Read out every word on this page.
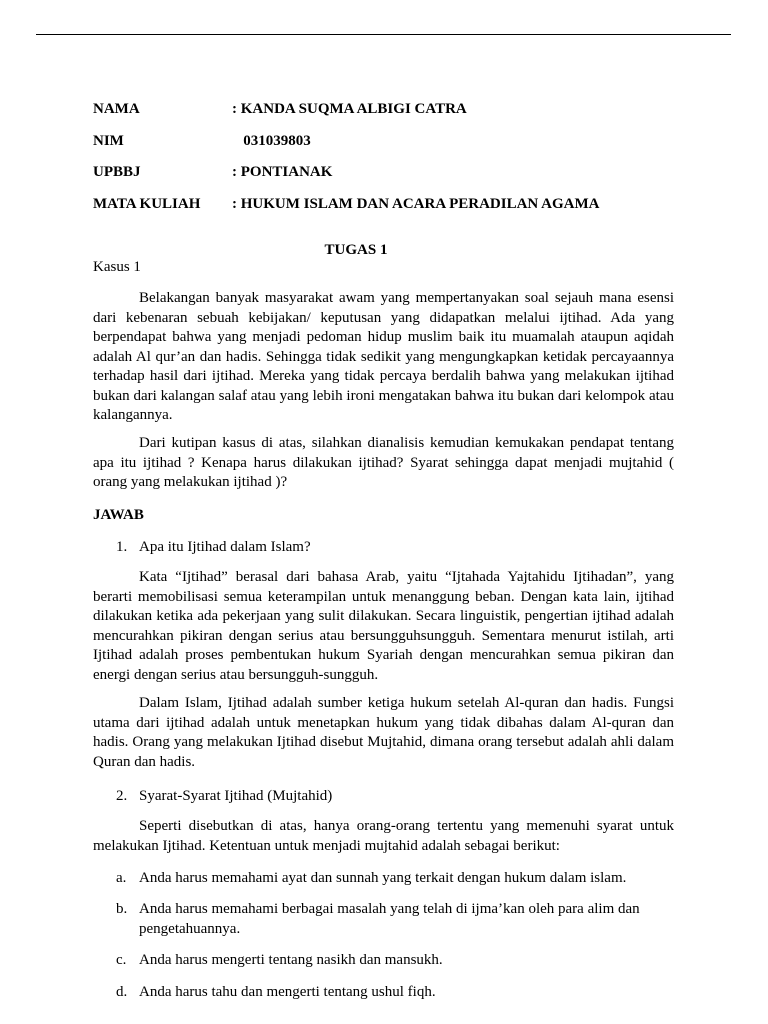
NAMA	: KANDA SUQMA ALBIGI CATRA
NIM	031039803
UPBBJ	: PONTIANAK
MATA KULIAH : HUKUM ISLAM DAN ACARA PERADILAN AGAMA
TUGAS 1
Kasus 1
Belakangan banyak masyarakat awam yang mempertanyakan soal sejauh mana esensi dari kebenaran sebuah kebijakan/ keputusan yang didapatkan melalui ijtihad. Ada yang berpendapat bahwa yang menjadi pedoman hidup muslim baik itu muamalah ataupun aqidah adalah Al qur’an dan hadis. Sehingga tidak sedikit yang mengungkapkan ketidak percayaannya terhadap hasil dari ijtihad. Mereka yang tidak percaya berdalih bahwa yang melakukan ijtihad bukan dari kalangan salaf atau yang lebih ironi mengatakan bahwa itu bukan dari kelompok atau kalangannya.
Dari kutipan kasus di atas, silahkan dianalisis kemudian kemukakan pendapat tentang apa itu ijtihad ? Kenapa harus dilakukan ijtihad? Syarat sehingga dapat menjadi mujtahid ( orang yang melakukan ijtihad )?
JAWAB
1. Apa itu Ijtihad dalam Islam?
Kata “Ijtihad” berasal dari bahasa Arab, yaitu “Ijtahada Yajtahidu Ijtihadan”, yang berarti memobilisasi semua keterampilan untuk menanggung beban. Dengan kata lain, ijtihad dilakukan ketika ada pekerjaan yang sulit dilakukan. Secara linguistik, pengertian ijtihad adalah mencurahkan pikiran dengan serius atau bersungguhsungguh. Sementara menurut istilah, arti Ijtihad adalah proses pembentukan hukum Syariah dengan mencurahkan semua pikiran dan energi dengan serius atau bersungguh-sungguh.
Dalam Islam, Ijtihad adalah sumber ketiga hukum setelah Al-quran dan hadis. Fungsi utama dari ijtihad adalah untuk menetapkan hukum yang tidak dibahas dalam Al-quran dan hadis. Orang yang melakukan Ijtihad disebut Mujtahid, dimana orang tersebut adalah ahli dalam Quran dan hadis.
2. Syarat-Syarat Ijtihad (Mujtahid)
Seperti disebutkan di atas, hanya orang-orang tertentu yang memenuhi syarat untuk melakukan Ijtihad. Ketentuan untuk menjadi mujtahid adalah sebagai berikut:
a. Anda harus memahami ayat dan sunnah yang terkait dengan hukum dalam islam.
b. Anda harus memahami berbagai masalah yang telah di ijma’kan oleh para alim dan pengetahuannya.
c. Anda harus mengerti tentang nasikh dan mansukh.
d. Anda harus tahu dan mengerti tentang ushul fiqh.
